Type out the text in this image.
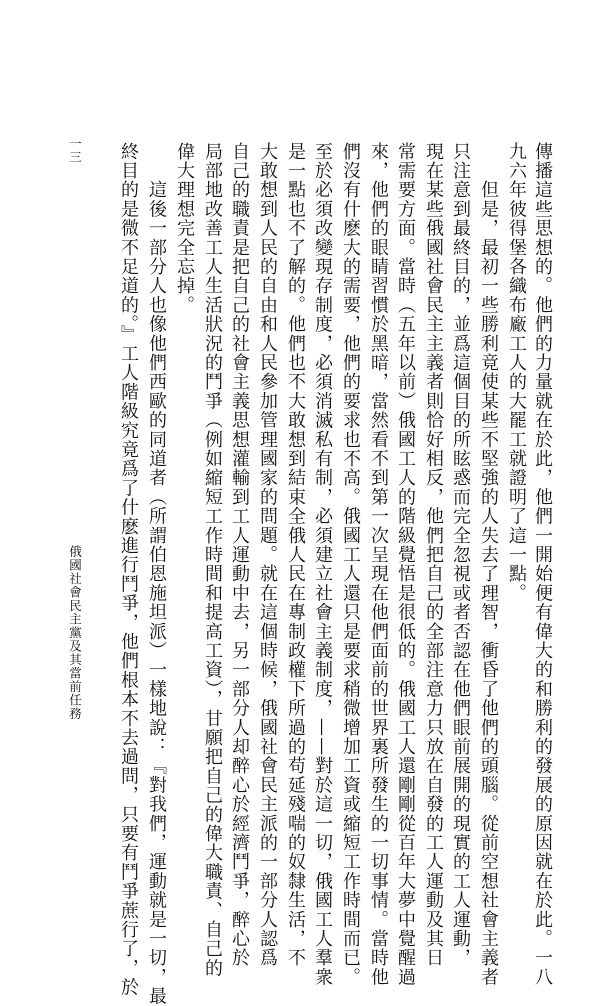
傳播這些思想的。他們的力量就在於此，他們一開始便有偉大的和勝利的發展的原因就在於此。一八
九六年彼得堡各織布廠工人的大罷工就證明了這一點。
　　但是，最初一些勝利竟使某些不堅強的人失去了理智，衝昏了他們的頭腦。從前空想社會主義者
只注意到最終目的，並爲這個目的所眩惑而完全忽視或者否認在他們眼前展開的現實的工人運動，
現在某些俄國社會民主主義者則恰好相反，他們把自己的全部注意力只放在自發的工人運動及其日
常需要方面。當時（五年以前）俄國工人的階級覺悟是很低的。俄國工人還剛剛從百年大夢中覺醒過
來，他們的眼睛習慣於黑暗，當然看不到第一次呈現在他們面前的世界裏所發生的一切事情。當時他
們沒有什麽大的需要，他們的要求也不高。俄國工人還只是要求稍微增加工資或縮短工作時間而已。
至於必須改變現存制度，必須消滅私有制，必須建立社會主義制度，——對於這一切，俄國工人羣衆
是一點也不了解的。他們也不大敢想到結束全俄人民在專制政權下所過的苟延殘喘的奴隸生活，不
大敢想到人民的自由和人民參加管理國家的問題。就在這個時候，俄國社會民主派的一部分人認爲
自己的職責是把自己的社會主義思想灌輸到工人運動中去，另一部分人却醉心於經濟鬥爭，醉心於
局部地改善工人生活狀況的鬥爭（例如縮短工作時間和提高工資），甘願把自己的偉大職責、自己的
偉大理想完全忘掉。
　　這後一部分人也像他們西歐的同道者（所謂伯恩施坦派）一樣地說：『對我們，運動就是一切，最
終目的是微不足道的。』工人階級究竟爲了什麽進行鬥爭，他們根本不去過問，只要有鬥爭蔗行了，於
俄國社會民主黨及其當前任務
一三
